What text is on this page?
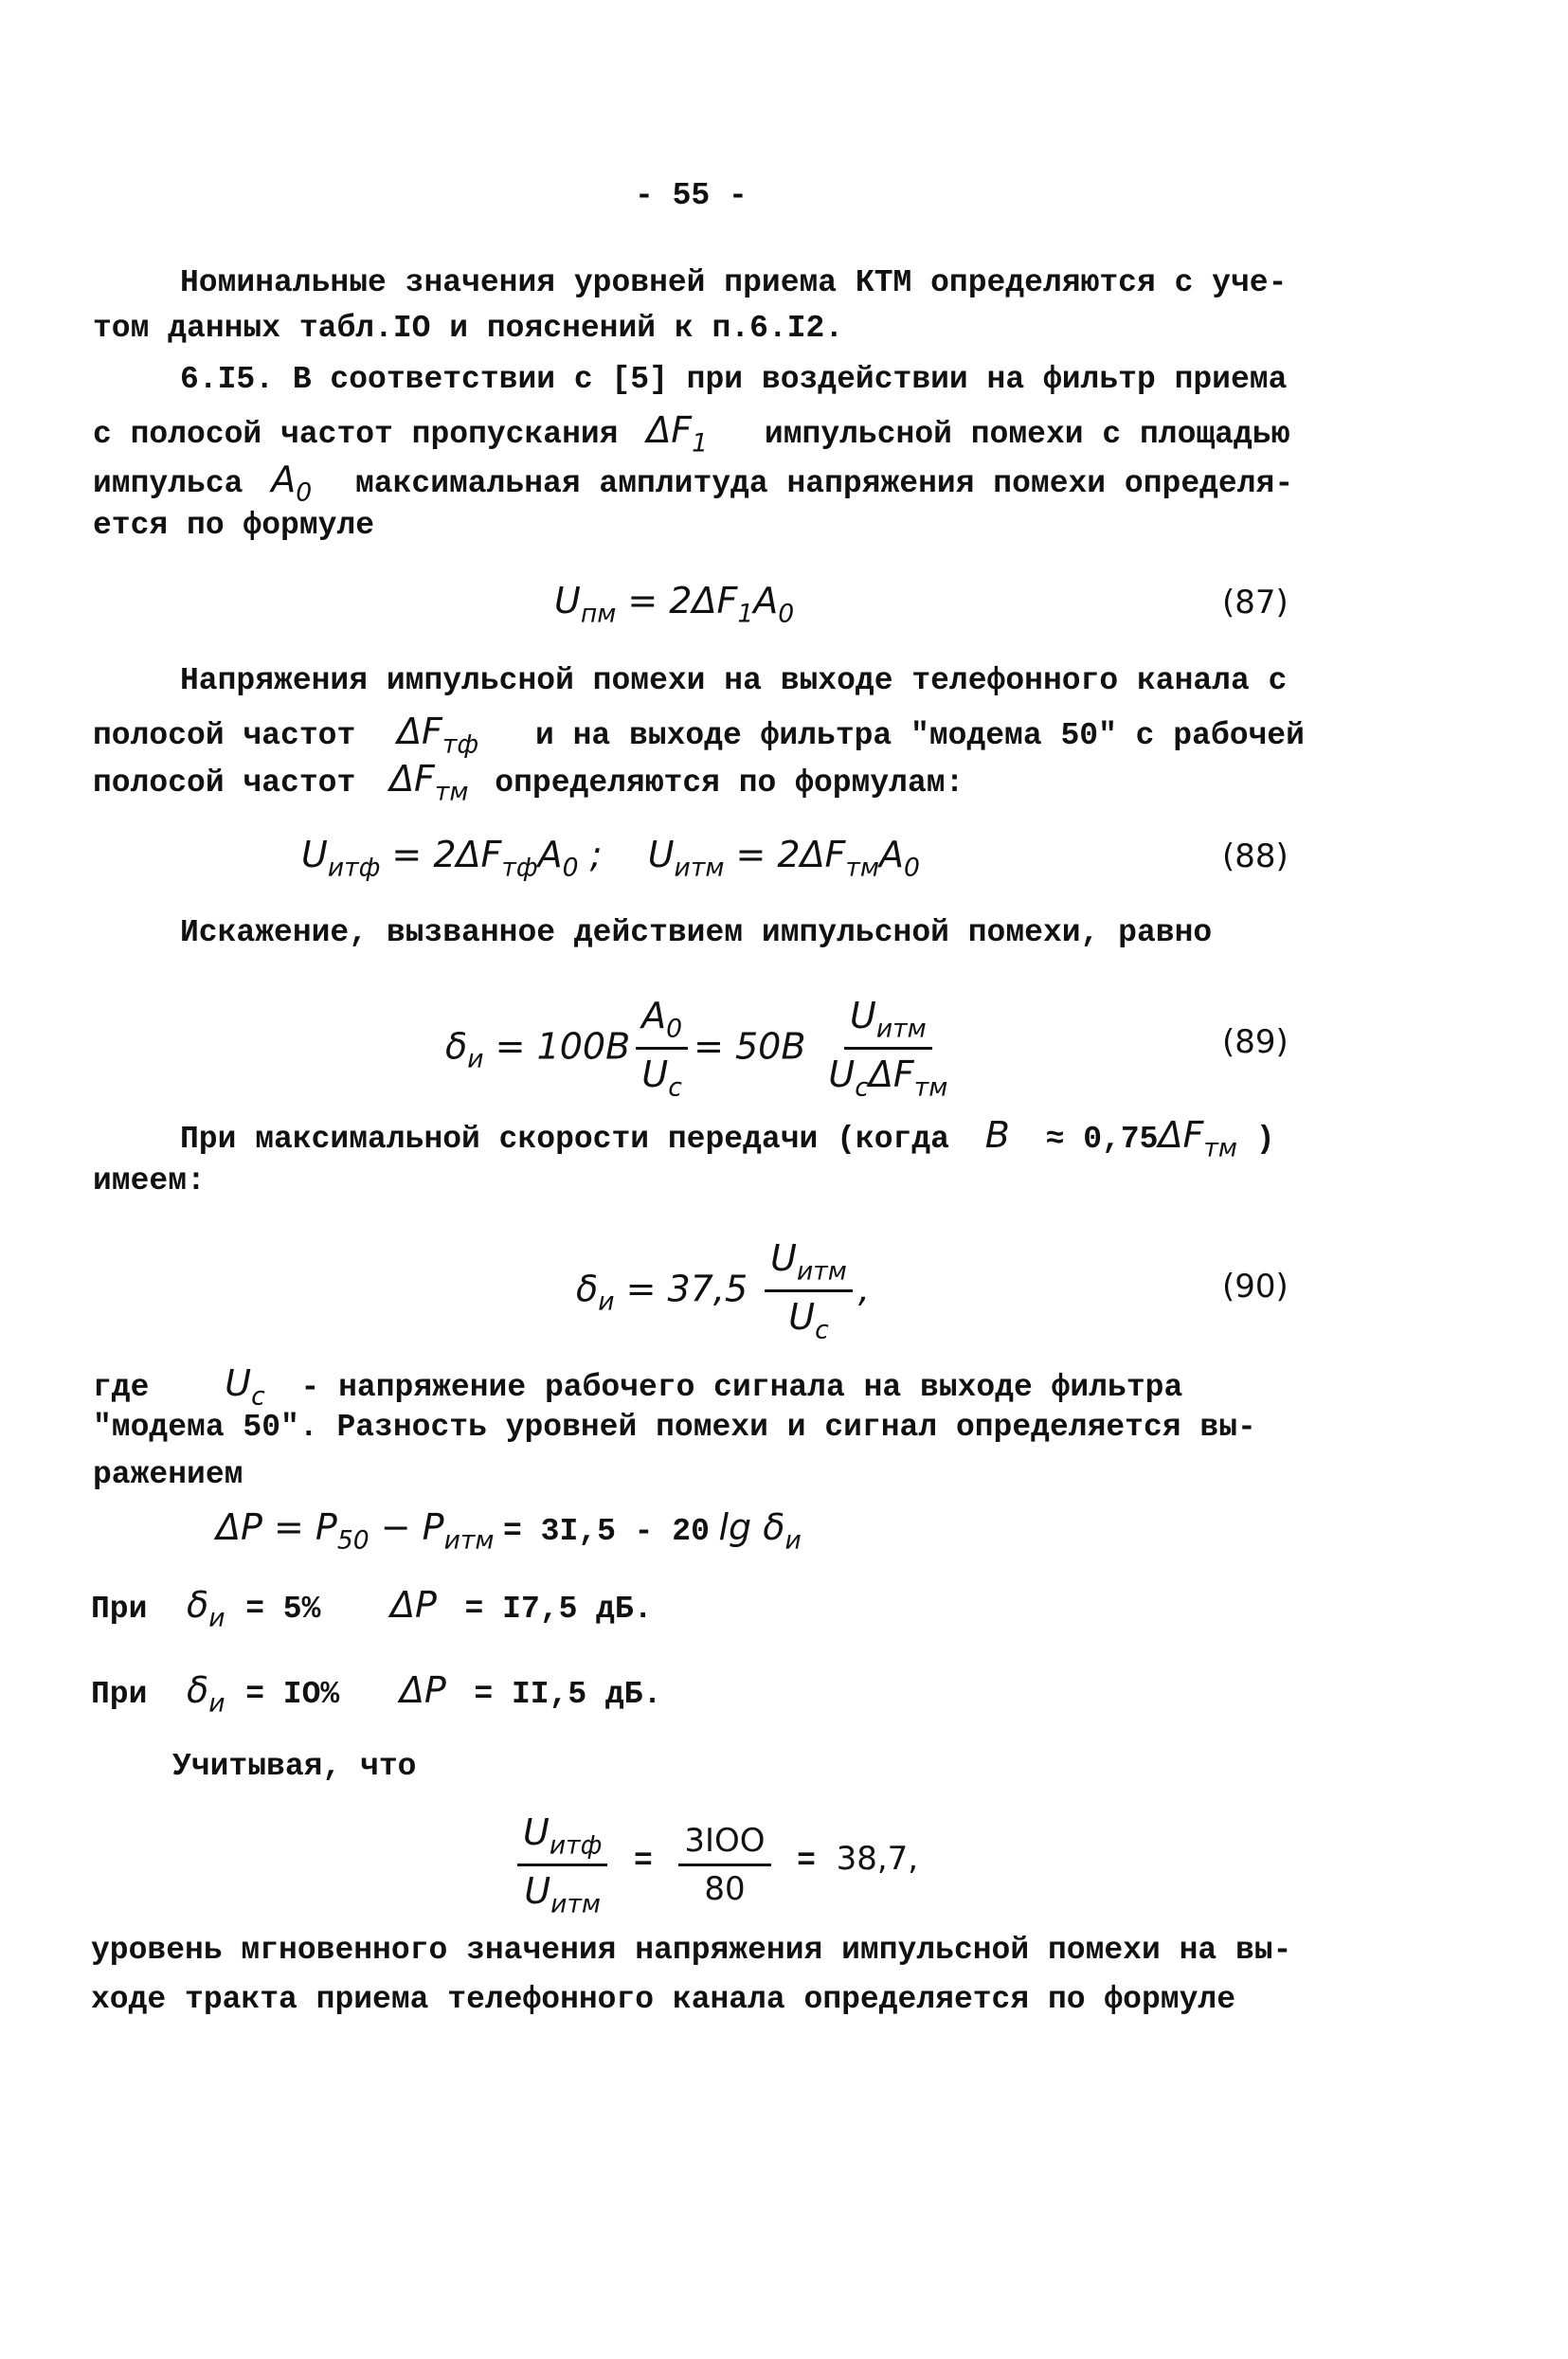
- 55 -
Номинальные значения уровней приема КТМ определяются с уче-
том данных табл.IO и пояснений к п.6.I2.
6.I5. В соответствии с [5] при воздействии на фильтр приема
с полосой частот пропускания $\Delta F_1$ импульсной помехи с площадью
импульса $A_0$ максимальная амплитуда напряжения помехи определя-
ется по формуле
$U_{пм} = 2\Delta F_1A_0$	(87)
Напряжения импульсной помехи на выходе телефонного канала с
полосой частот $\Delta F_{тф}$ и на выходе фильтра "модема 50" с рабочей
полосой частот $\Delta F_{тм}$ определяются по формулам:
$U_{итф} = 2\Delta F_{тф}A_0$ ;    $U_{итм} = 2\Delta F_{тм}A_0$	(88)
Искажение, вызванное действием импульсной помехи, равно
$\delta_и = 100B \frac{A_0}{U_c} = 50B \frac{U_{итм}}{U_c\Delta F_{тм}}$	(89)
При максимальной скорости передачи (когда $B \approx 0,75\Delta F_{тм}$ )
имеем:
$\delta_и = 37,5 \frac{U_{итм}}{U_c}$ ,	(90)
где $U_c$ - напряжение рабочего сигнала на выходе фильтра
"модема 50". Разность уровней помехи и сигнал определяется вы-
ражением
$\Delta P = P_{50} - P_{итм} = 3I,5 - 20$ $\lg \delta_и$
При $\delta_и = 5\%$ ΔP = I7,5 дБ.
При $\delta_и = IO\%$ ΔP = II,5 дБ.
Учитывая, что
$\frac{U_{итф}}{U_{итм}} = \frac{\text{3IOO}}{80} = 38,7$,
уровень мгновенного значения напряжения импульсной помехи на вы-
ходе тракта приема телефонного канала определяется по формуле
